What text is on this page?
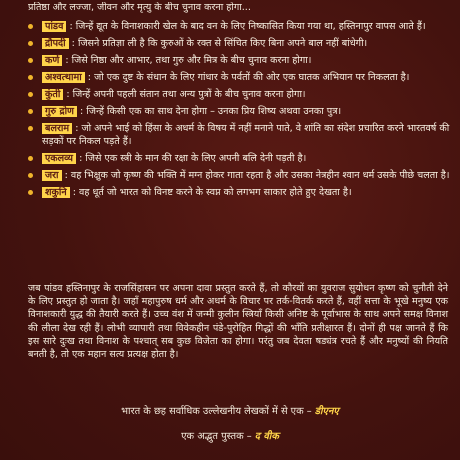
प्रतिष्ठा और लज्जा, जीवन और मृत्यु के बीच चुनाव करना होगा...
पांडव : जिन्हें द्यूत के विनाशकारी खेल के बाद वन के लिए निष्कासित किया गया था, हस्तिनापुर वापस आते हैं।
द्रौपदी : जिसने प्रतिज्ञा ली है कि कुरुओं के रक्त से सिंचित किए बिना अपने बाल नहीं बांधेगी।
कर्ण : जिसे निष्ठा और आभार, तथा गुरु और मित्र के बीच चुनाव करना होगा।
अश्वत्थामा : जो एक दुष्ट के संधान के लिए गांधार के पर्वतों की ओर एक घातक अभियान पर निकलता है।
कुंती : जिन्हें अपनी पहली संतान तथा अन्य पुत्रों के बीच चुनाव करना होगा।
गुरु द्रोण : जिन्हें किसी एक का साथ देना होगा – उनका प्रिय शिष्य अथवा उनका पुत्र।
बलराम : जो अपने भाई को हिंसा के अधर्म के विषय में नहीं मनाने पाते, वे शांति का संदेश प्रचारित करने भारतवर्ष की सड़कों पर निकल पड़ते हैं।
एकलव्य : जिसे एक स्त्री के मान की रक्षा के लिए अपनी बलि देनी पड़ती है।
जरा : वह भिक्षुक जो कृष्ण की भक्ति में मग्न होकर गाता रहता है और उसका नेत्रहीन श्वान धर्म उसके पीछे चलता है।
शकुनि : वह धूर्त जो भारत को विनष्ट करने के स्वप्न को लगभग साकार होते हुए देखता है।
जब पांडव हस्तिनापुर के राजसिंहासन पर अपना दावा प्रस्तुत करते हैं, तो कौरवों का युवराज सुयोधन कृष्ण को चुनौती देने के लिए प्रस्तुत हो जाता है। जहाँ महापुरुष धर्म और अधर्म के विचार पर तर्क-वितर्क करते हैं, वहीं सत्ता के भूखे मनुष्य एक विनाशकारी युद्ध की तैयारी करते हैं। उच्च वंश में जन्मी कुलीन स्त्रियाँ किसी अनिष्ट के पूर्वाभास के साथ अपने समक्ष विनाश की लीला देख रही हैं। लोभी व्यापारी तथा विवेकहीन पंडे-पुरोहित गिद्धों की भाँति प्रतीक्षारत हैं। दोनों ही पक्ष जानते हैं कि इस सारे दुःख तथा विनाश के पश्चात् सब कुछ विजेता का होगा। परंतु जब देवता षड्यंत्र रचते हैं और मनुष्यों की नियति बनती है, तो एक महान सत्य प्रत्यक्ष होता है।
भारत के छह सर्वाधिक उल्लेखनीय लेखकों में से एक – डीएनए
एक अद्भुत पुस्तक – द वीक
